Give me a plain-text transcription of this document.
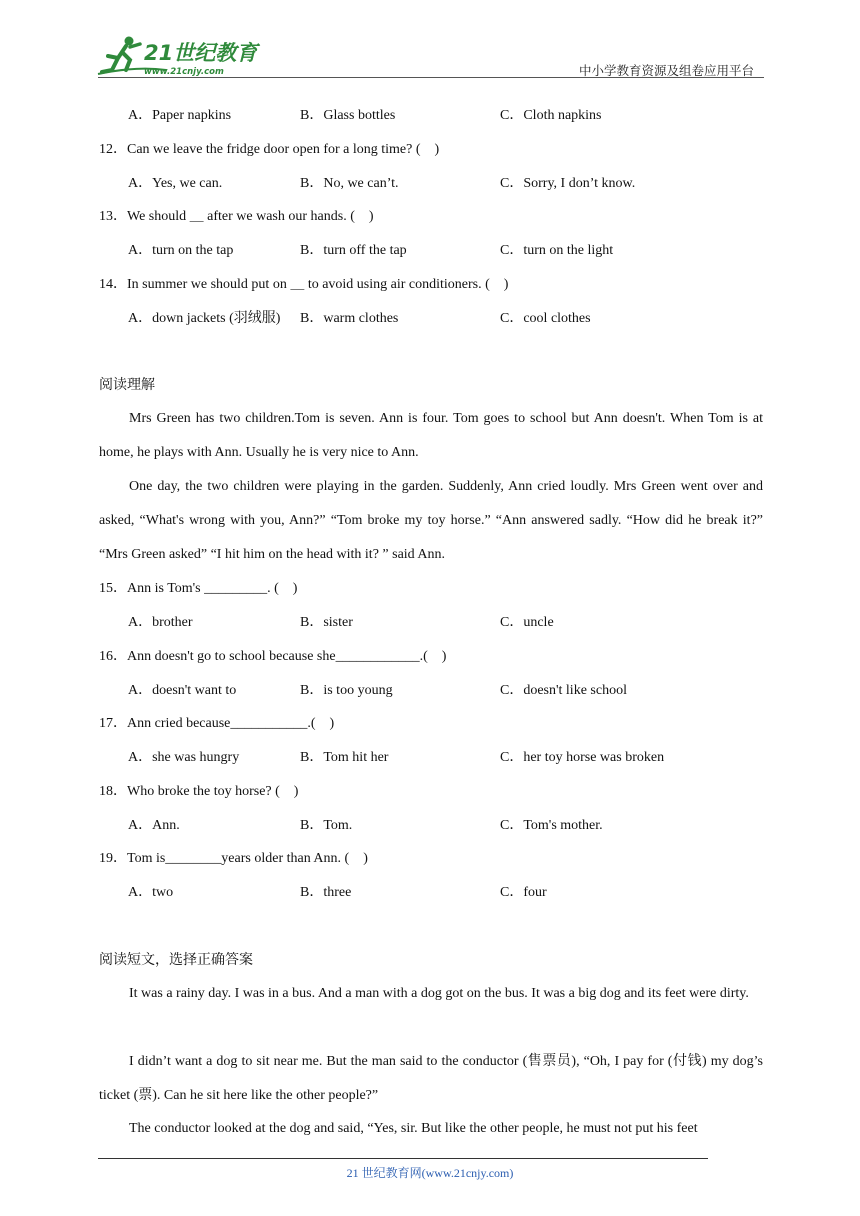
21世纪教育
www.21cnjy.com	中小学教育资源及组卷应用平台
A．Paper napkins	B．Glass bottles	C．Cloth napkins
12．Can we leave the fridge door open for a long time? (　)
A．Yes, we can.	B．No, we can’t.	C．Sorry, I don’t know.
13．We should ＿ after we wash our hands. (　)
A．turn on the tap	B．turn off the tap	C．turn on the light
14．In summer we should put on ＿ to avoid using air conditioners. (　)
A．down jackets (羽绒服) B．warm clothes	C．cool clothes
阅读理解
Mrs Green has two children.Tom is seven. Ann is four. Tom goes to school but Ann doesn't. When Tom is at home, he plays with Ann. Usually he is very nice to Ann.
One day, the two children were playing in the garden. Suddenly, Ann cried loudly. Mrs Green went over and asked, “What's wrong with you, Ann?” “Tom broke my toy horse.” “Ann answered sadly. “How did he break it?” “Mrs Green asked” “I hit him on the head with it? ” said Ann.
15．Ann is Tom's _________. (　)
A．brother	B．sister	C．uncle
16．Ann doesn't go to school because she____________.(　)
A．doesn't want to	B．is too young	C．doesn't like school
17．Ann cried because___________.(　)
A．she was hungry	B．Tom hit her	C．her toy horse was broken
18．Who broke the toy horse? (　)
A．Ann.	B．Tom.	C．Tom's mother.
19．Tom is________years older than Ann. (　)
A．two	B．three	C．four
阅读短文，选择正确答案
It was a rainy day. I was in a bus. And a man with a dog got on the bus. It was a big dog and its feet were dirty.
I didn’t want a dog to sit near me. But the man said to the conductor (售票员), “Oh, I pay for (付钱) my dog’s ticket (票). Can he sit here like the other people?”
The conductor looked at the dog and said, “Yes, sir. But like the other people, he must not put his feet
21 世纪教育网(www.21cnjy.com)
